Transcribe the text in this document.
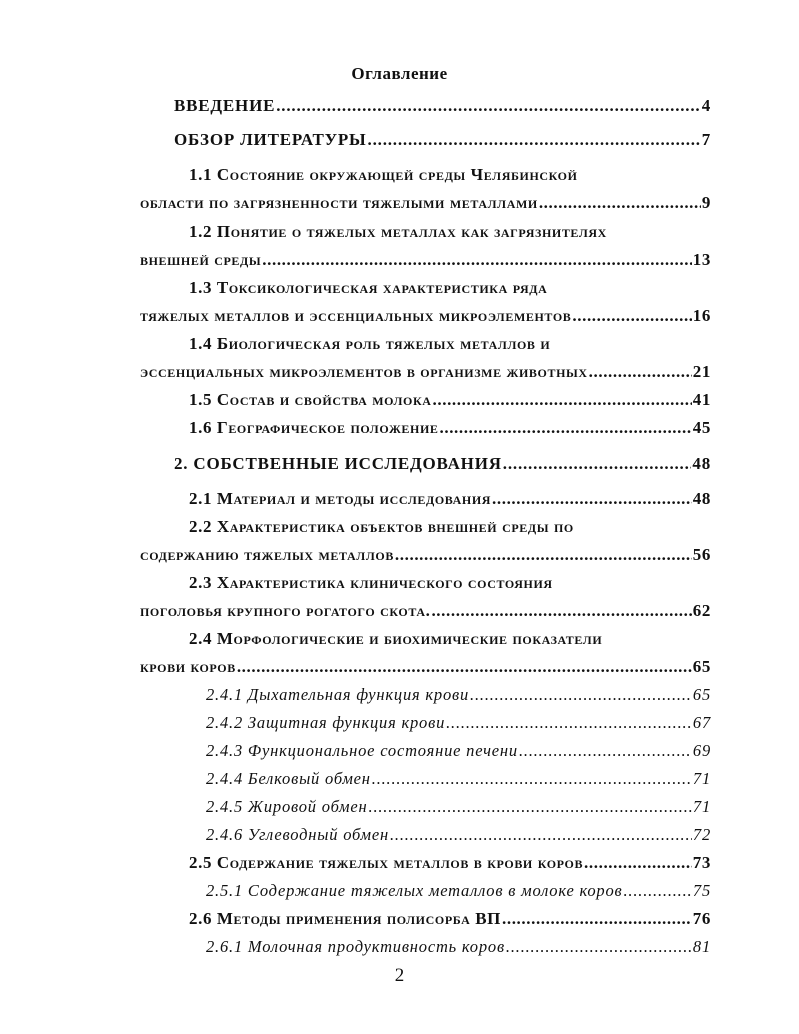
Оглавление
ВВЕДЕНИЕ .....	4
ОБЗОР ЛИТЕРАТУРЫ .....	7
1.1 Состояние окружающей среды Челябинской
области по загрязненности тяжелыми металлами .....	9
1.2 Понятие о тяжелых металлах как загрязнителях
внешней среды .....	13
1.3 Токсикологическая характеристика ряда
тяжелых металлов и эссенциальных микроэлементов .....	16
1.4 Биологическая роль тяжелых металлов и
эссенциальных микроэлементов в организме животных .....	21
1.5 Состав и свойства молока .....	41
1.6 Географическое положение .....	45
2. СОБСТВЕННЫЕ ИССЛЕДОВАНИЯ .....	48
2.1 Материал и методы исследования .....	48
2.2 Характеристика объектов внешней среды по
содержанию тяжелых металлов .....	56
2.3 Характеристика клинического состояния
поголовья крупного рогатого скота. .....	62
2.4 Морфологические и биохимические показатели
крови коров .....	65
2.4.1 Дыхательная функция крови .....	65
2.4.2 Защитная функция крови .....	67
2.4.3 Функциональное состояние печени .....	69
2.4.4 Белковый обмен .....	71
2.4.5 Жировой обмен .....	71
2.4.6 Углеводный обмен .....	72
2.5 Содержание тяжелых металлов в крови коров .....	73
2.5.1 Содержание тяжелых металлов в молоке коров .....	75
2.6 Методы применения полисорба ВП .....	76
2.6.1 Молочная продуктивность коров .....	81
2
